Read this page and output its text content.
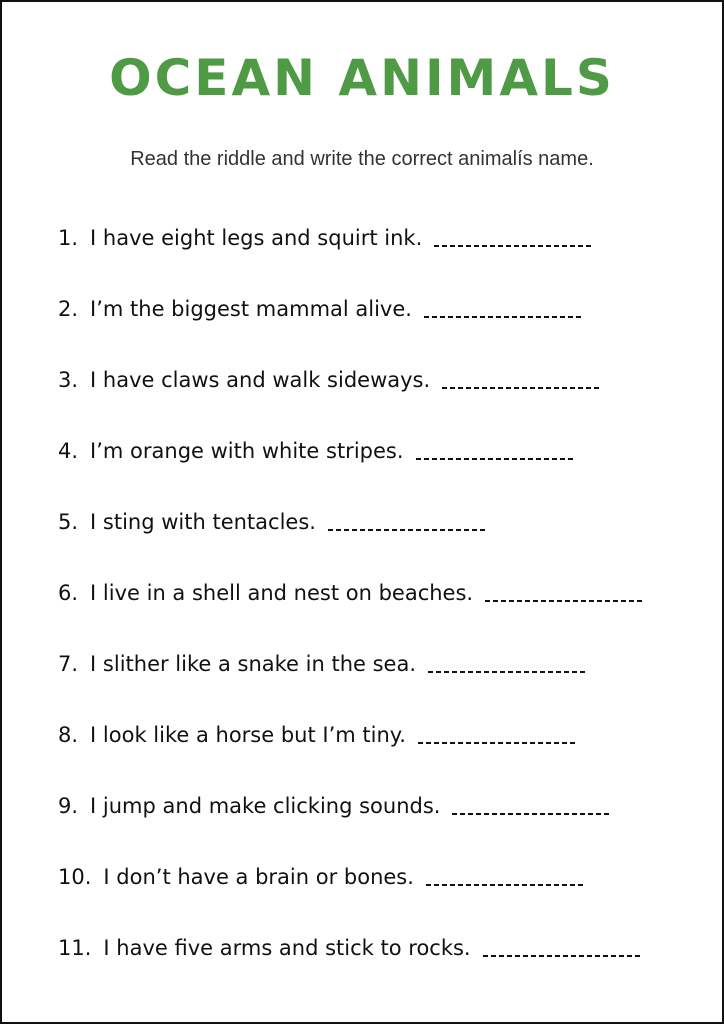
OCEAN ANIMALS
Read the riddle and write the correct animalís name.
1. I have eight legs and squirt ink.
2. I’m the biggest mammal alive.
3. I have claws and walk sideways.
4. I’m orange with white stripes.
5. I sting with tentacles.
6. I live in a shell and nest on beaches.
7. I slither like a snake in the sea.
8. I look like a horse but I’m tiny.
9. I jump and make clicking sounds.
10. I don’t have a brain or bones.
11. I have five arms and stick to rocks.
